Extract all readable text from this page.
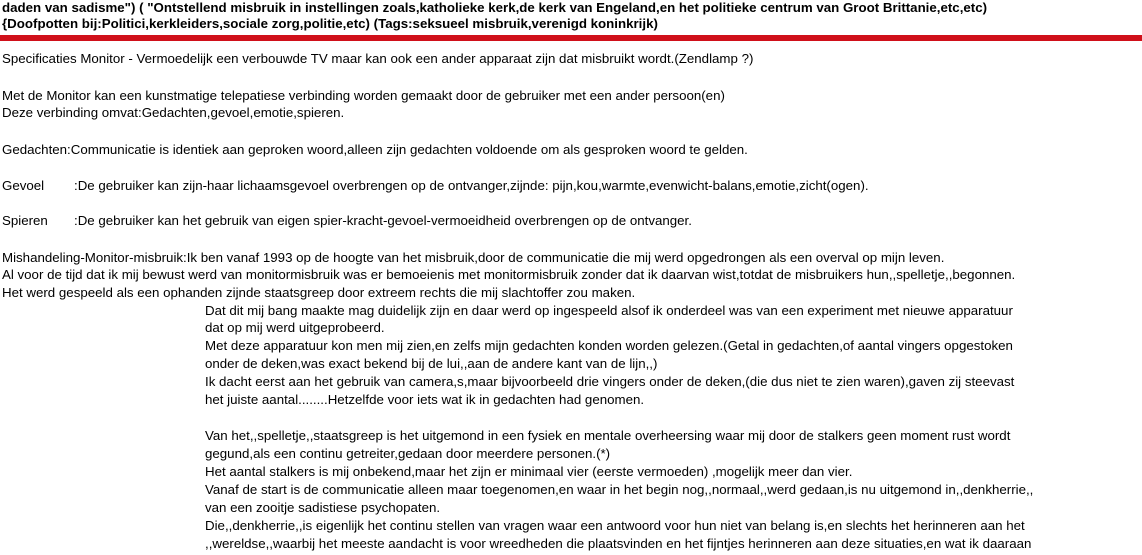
daden van sadisme") ( "Ontstellend misbruik in instellingen zoals,katholieke kerk,de kerk van Engeland,en het politieke centrum van Groot Brittanie,etc,etc)
{Doofpotten bij:Politici,kerkleiders,sociale zorg,politie,etc) (Tags:seksueel misbruik,verenigd koninkrijk)
Specificaties Monitor - Vermoedelijk een verbouwde TV maar kan ook een ander apparaat zijn dat misbruikt wordt.(Zendlamp ?)
Met de Monitor kan een kunstmatige telepatiese verbinding worden gemaakt door de gebruiker met een ander persoon(en)
Deze verbinding omvat:Gedachten,gevoel,emotie,spieren.
Gedachten:Communicatie is identiek aan geproken woord,alleen zijn gedachten voldoende om als gesproken woord te gelden.
Gevoel :De gebruiker kan zijn-haar lichaamsgevoel overbrengen op de ontvanger,zijnde: pijn,kou,warmte,evenwicht-balans,emotie,zicht(ogen).
Spieren :De gebruiker kan het gebruik van eigen spier-kracht-gevoel-vermoeidheid overbrengen op de ontvanger.
Mishandeling-Monitor-misbruik:Ik ben vanaf 1993 op de hoogte van het misbruik,door de communicatie die mij werd opgedrongen als een overval op mijn leven.
Al voor de tijd dat ik mij bewust werd van monitormisbruik was er bemoeienis met monitormisbruik zonder dat ik daarvan wist,totdat de misbruikers hun,,spelletje,,begonnen.
Het werd gespeeld als een ophanden zijnde staatsgreep door extreem rechts die mij slachtoffer zou maken.
Dat dit mij bang maakte mag duidelijk zijn en daar werd op ingespeeld alsof ik onderdeel was van een experiment met nieuwe apparatuur
dat op mij werd uitgeprobeerd.
Met deze apparatuur kon men mij zien,en zelfs mijn gedachten konden worden gelezen.(Getal in gedachten,of aantal vingers opgestoken
onder de deken,was exact bekend bij de lui,,aan de andere kant van de lijn,,)
Ik dacht eerst aan het gebruik van camera,s,maar bijvoorbeeld drie vingers onder de deken,(die dus niet te zien waren),gaven zij steevast
het juiste aantal........Hetzelfde voor iets wat ik in gedachten had genomen.
Van het,,spelletje,,staatsgreep is het uitgemond in een fysiek en mentale overheersing waar mij door de stalkers geen moment rust wordt
gegund,als een continu getreiter,gedaan door meerdere personen.(*)
Het aantal stalkers is mij onbekend,maar het zijn er minimaal vier (eerste vermoeden) ,mogelijk meer dan vier.
Vanaf de start is de communicatie alleen maar toegenomen,en waar in het begin nog,,normaal,,werd gedaan,is nu uitgemond in,,denkherrie,,
van een zooitje sadistiese psychopaten.
Die,,denkherrie,,is eigenlijk het continu stellen van vragen waar een antwoord voor hun niet van belang is,en slechts het herinneren aan het
,,wereldse,,waarbij het meeste aandacht is voor wreedheden die plaatsvinden en het fijntjes herinneren aan deze situaties,en wat ik daaraan
